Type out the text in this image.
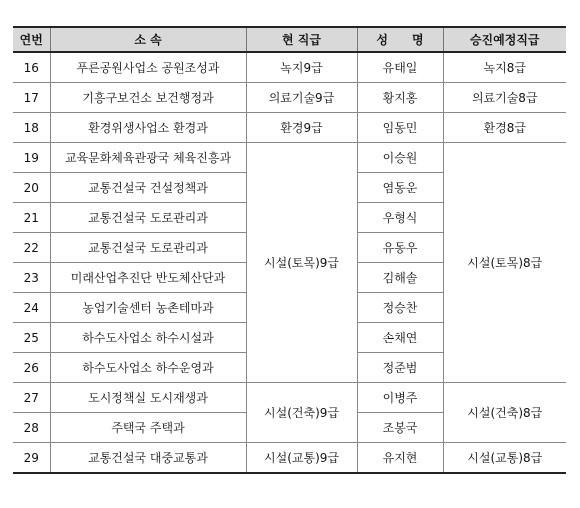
연번	소 속	현 직급	성　　명	승진예정직급
16	푸른공원사업소 공원조성과	녹지9급	유태일	녹지8급
17	기흥구보건소 보건행정과	의료기술9급	황지홍	의료기술8급
18	환경위생사업소 환경과	환경9급	임동민	환경8급
19	교육문화체육관광국 체육진흥과	시설(토목)9급	이승원	시설(토목)8급
20	교통건설국 건설정책과		염동운	
21	교통건설국 도로관리과		우형식	
22	교통건설국 도로관리과		유동우	
23	미래산업추진단 반도체산단과		김해솔	
24	농업기술센터 농촌테마과		정승찬	
25	하수도사업소 하수시설과		손채연	
26	하수도사업소 하수운영과		정준범	
27	도시정책실 도시재생과	시설(건축)9급	이병주	시설(건축)8급
28	주택국 주택과		조봉국	
29	교통건설국 대중교통과	시설(교통)9급	유지현	시설(교통)8급
